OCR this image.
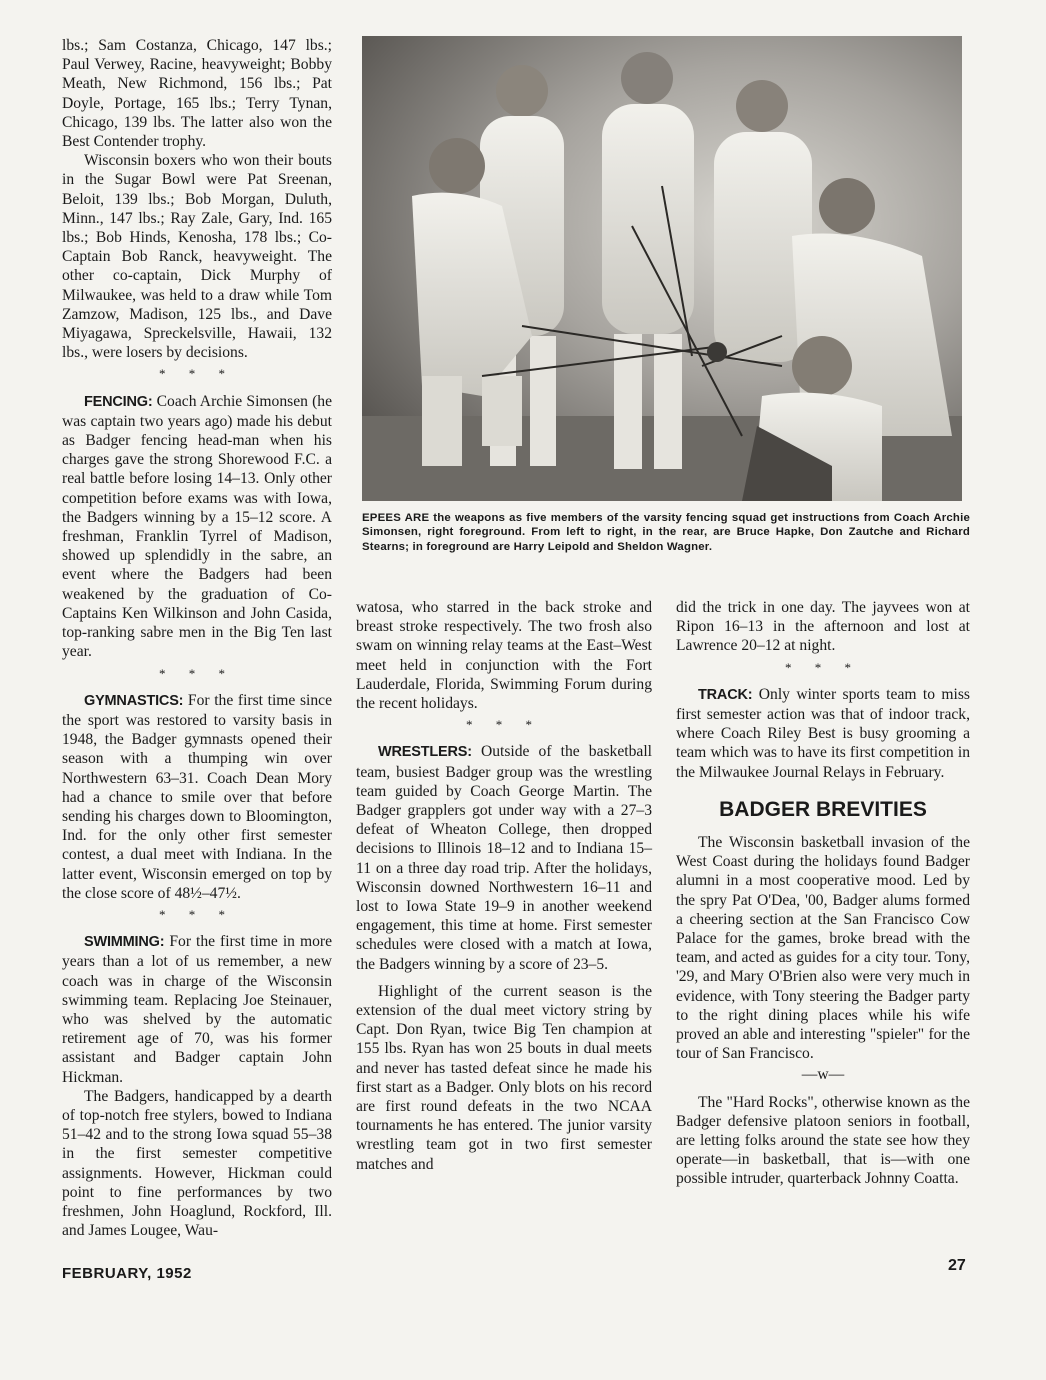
lbs.; Sam Costanza, Chicago, 147 lbs.; Paul Verwey, Racine, heavyweight; Bobby Meath, New Richmond, 156 lbs.; Pat Doyle, Portage, 165 lbs.; Terry Tynan, Chicago, 139 lbs. The latter also won the Best Contender trophy.

Wisconsin boxers who won their bouts in the Sugar Bowl were Pat Sreenan, Beloit, 139 lbs.; Bob Morgan, Duluth, Minn., 147 lbs.; Ray Zale, Gary, Ind. 165 lbs.; Bob Hinds, Kenosha, 178 lbs.; Co-Captain Bob Ranck, heavyweight. The other co-captain, Dick Murphy of Milwaukee, was held to a draw while Tom Zamzow, Madison, 125 lbs., and Dave Miyagawa, Spreckelsville, Hawaii, 132 lbs., were losers by decisions.

* * *

FENCING: Coach Archie Simonsen (he was captain two years ago) made his debut as Badger fencing head-man when his charges gave the strong Shorewood F.C. a real battle before losing 14–13. Only other competition before exams was with Iowa, the Badgers winning by a 15–12 score. A freshman, Franklin Tyrrel of Madison, showed up splendidly in the sabre, an event where the Badgers had been weakened by the graduation of Co-Captains Ken Wilkinson and John Casida, top-ranking sabre men in the Big Ten last year.

* * *

GYMNASTICS: For the first time since the sport was restored to varsity basis in 1948, the Badger gymnasts opened their season with a thumping win over Northwestern 63–31. Coach Dean Mory had a chance to smile over that before sending his charges down to Bloomington, Ind. for the only other first semester contest, a dual meet with Indiana. In the latter event, Wisconsin emerged on top by the close score of 48½–47½.

* * *

SWIMMING: For the first time in more years than a lot of us remember, a new coach was in charge of the Wisconsin swimming team. Replacing Joe Steinauer, who was shelved by the automatic retirement age of 70, was his former assistant and Badger captain John Hickman.

The Badgers, handicapped by a dearth of top-notch free stylers, bowed to Indiana 51–42 and to the strong Iowa squad 55–38 in the first semester competitive assignments. However, Hickman could point to fine performances by two freshmen, John Hoaglund, Rockford, Ill. and James Lougee, Wau-

EPEES ARE the weapons as five members of the varsity fencing squad get instructions from Coach Archie Simonsen, right foreground. From left to right, in the rear, are Bruce Hapke, Don Zautche and Richard Stearns; in foreground are Harry Leipold and Sheldon Wagner.

watosa, who starred in the back stroke and breast stroke respectively. The two frosh also swam on winning relay teams at the East–West meet held in conjunction with the Fort Lauderdale, Florida, Swimming Forum during the recent holidays.

* * *

WRESTLERS: Outside of the basketball team, busiest Badger group was the wrestling team guided by Coach George Martin. The Badger grapplers got under way with a 27–3 defeat of Wheaton College, then dropped decisions to Illinois 18–12 and to Indiana 15–11 on a three day road trip. After the holidays, Wisconsin downed Northwestern 16–11 and lost to Iowa State 19–9 in another weekend engagement, this time at home. First semester schedules were closed with a match at Iowa, the Badgers winning by a score of 23–5.

Highlight of the current season is the extension of the dual meet victory string by Capt. Don Ryan, twice Big Ten champion at 155 lbs. Ryan has won 25 bouts in dual meets and never has tasted defeat since he made his first start as a Badger. Only blots on his record are first round defeats in the two NCAA tournaments he has entered. The junior varsity wrestling team got in two first semester matches and

did the trick in one day. The jayvees won at Ripon 16–13 in the afternoon and lost at Lawrence 20–12 at night.

* * *

TRACK: Only winter sports team to miss first semester action was that of indoor track, where Coach Riley Best is busy grooming a team which was to have its first competition in the Milwaukee Journal Relays in February.

BADGER BREVITIES

The Wisconsin basketball invasion of the West Coast during the holidays found Badger alumni in a most cooperative mood. Led by the spry Pat O'Dea, '00, Badger alums formed a cheering section at the San Francisco Cow Palace for the games, broke bread with the team, and acted as guides for a city tour. Tony, '29, and Mary O'Brien also were very much in evidence, with Tony steering the Badger party to the right dining places while his wife proved an able and interesting "spieler" for the tour of San Francisco.

—w—

The "Hard Rocks", otherwise known as the Badger defensive platoon seniors in football, are letting folks around the state see how they operate—in basketball, that is—with one possible intruder, quarterback Johnny Coatta.

FEBRUARY, 1952	27
